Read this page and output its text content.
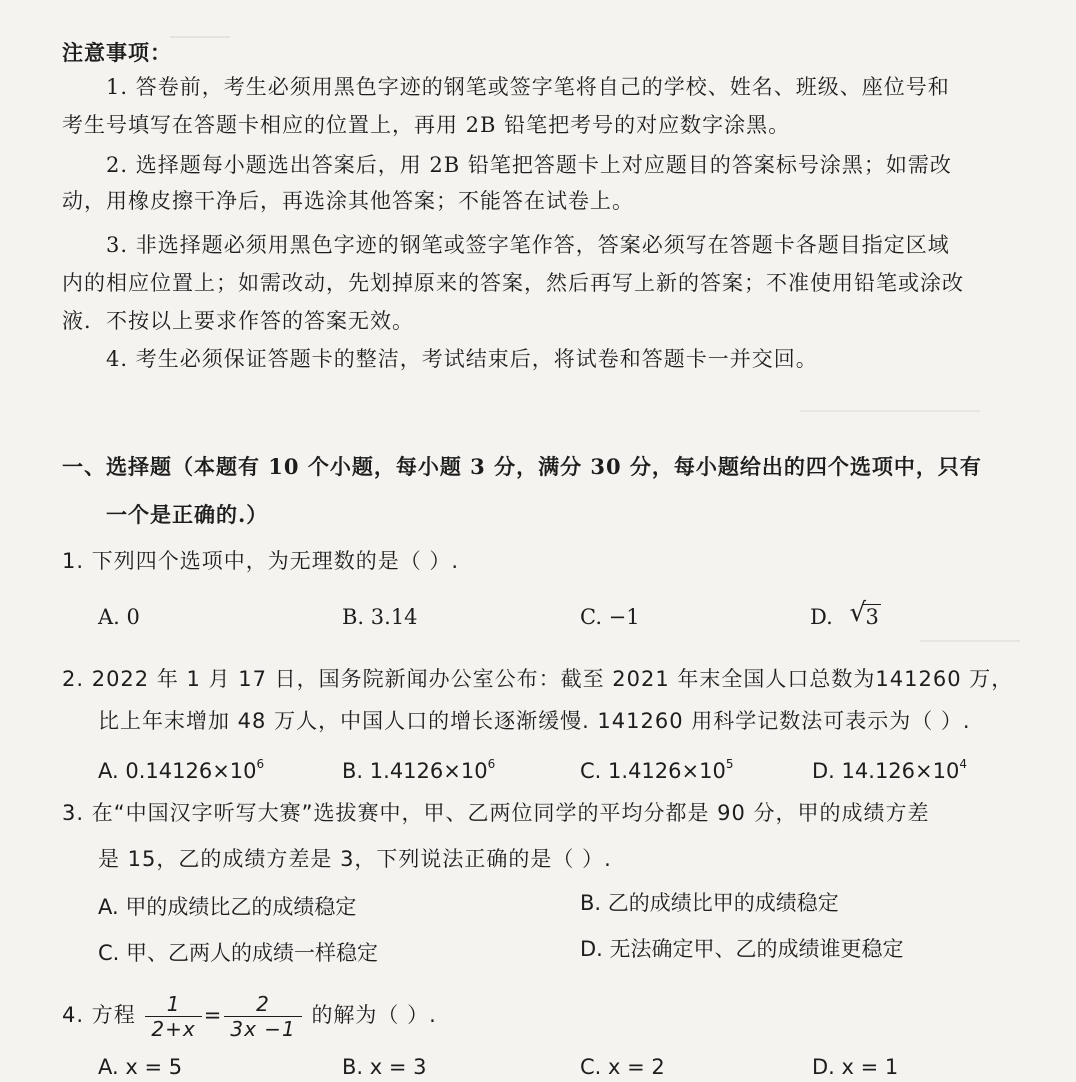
注意事项：
1. 答卷前，考生必须用黑色字迹的钢笔或签字笔将自己的学校、姓名、班级、座位号和
考生号填写在答题卡相应的位置上，再用 2B 铅笔把考号的对应数字涂黑。
2. 选择题每小题选出答案后，用 2B 铅笔把答题卡上对应题目的答案标号涂黑；如需改
动，用橡皮擦干净后，再选涂其他答案；不能答在试卷上。
3. 非选择题必须用黑色字迹的钢笔或签字笔作答，答案必须写在答题卡各题目指定区域
内的相应位置上；如需改动，先划掉原来的答案，然后再写上新的答案；不准使用铅笔或涂改
液．不按以上要求作答的答案无效。
4. 考生必须保证答题卡的整洁，考试结束后，将试卷和答题卡一并交回。
一、选择题（本题有 10 个小题，每小题 3 分，满分 30 分，每小题给出的四个选项中，只有
一个是正确的.）
1. 下列四个选项中，为无理数的是（ ）.
A. 0	B. 3.14	C. −1	D. √ 3
2. 2022 年 1 月 17 日，国务院新闻办公室公布：截至 2021 年末全国人口总数为141260 万，
比上年末增加 48 万人，中国人口的增长逐渐缓慢. 141260 用科学记数法可表示为（ ）.
A. $0.14126\times 10^6$	B. $1.4126\times 10^6$	C. $1.4126\times 10^5$	D. $14.126\times 10^4$
3. 在“中国汉字听写大赛”选拔赛中，甲、乙两位同学的平均分都是 90 分，甲的成绩方差
是 15，乙的成绩方差是 3，下列说法正确的是（ ）.
A. 甲的成绩比乙的成绩稳定	B. 乙的成绩比甲的成绩稳定
C. 甲、乙两人的成绩一样稳定	D. 无法确定甲、乙的成绩谁更稳定
4. 方程 $\frac{1}{2+x} = \frac{2}{3x -1}$ 的解为（ ）.
A. x = 5	B. x = 3	C. x = 2	D. x = 1
